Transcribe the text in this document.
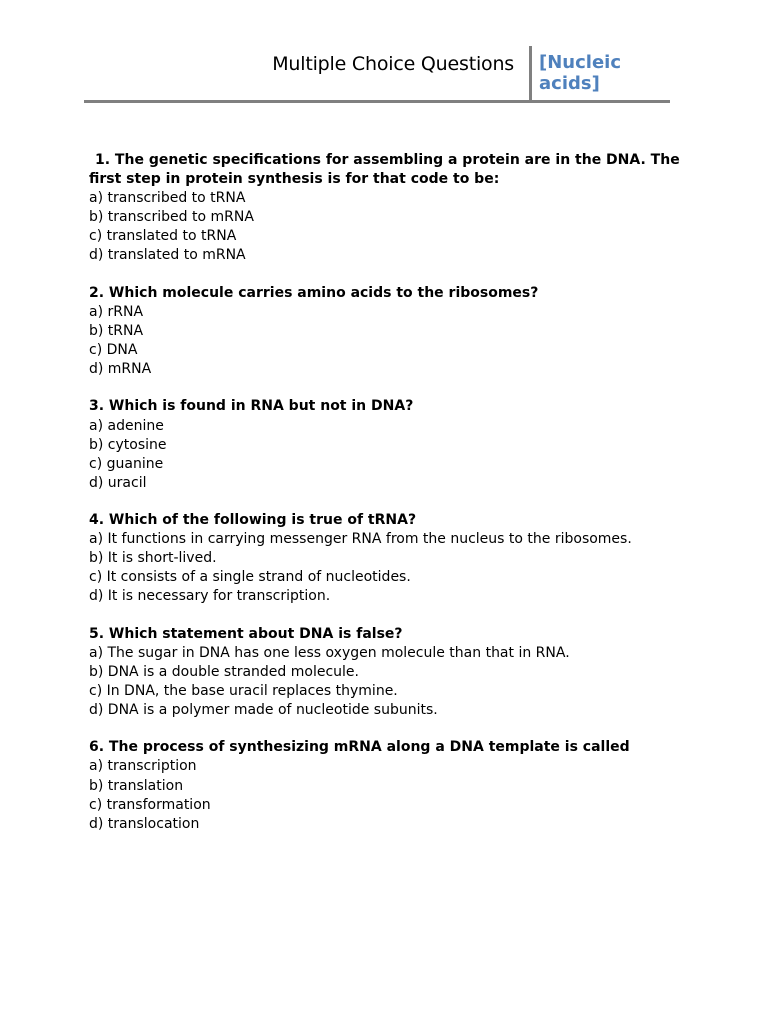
Multiple Choice Questions [Nucleic acids]
1. The genetic specifications for assembling a protein are in the DNA. The first step in protein synthesis is for that code to be:
a) transcribed to tRNA
b) transcribed to mRNA
c) translated to tRNA
d) translated to mRNA
2. Which molecule carries amino acids to the ribosomes?
a) rRNA
b) tRNA
c) DNA
d) mRNA
3. Which is found in RNA but not in DNA?
a) adenine
b) cytosine
c) guanine
d) uracil
4. Which of the following is true of tRNA?
a) It functions in carrying messenger RNA from the nucleus to the ribosomes.
b) It is short-lived.
c) It consists of a single strand of nucleotides.
d) It is necessary for transcription.
5. Which statement about DNA is false?
a) The sugar in DNA has one less oxygen molecule than that in RNA.
b) DNA is a double stranded molecule.
c) In DNA, the base uracil replaces thymine.
d) DNA is a polymer made of nucleotide subunits.
6. The process of synthesizing mRNA along a DNA template is called
a) transcription
b) translation
c) transformation
d) translocation
